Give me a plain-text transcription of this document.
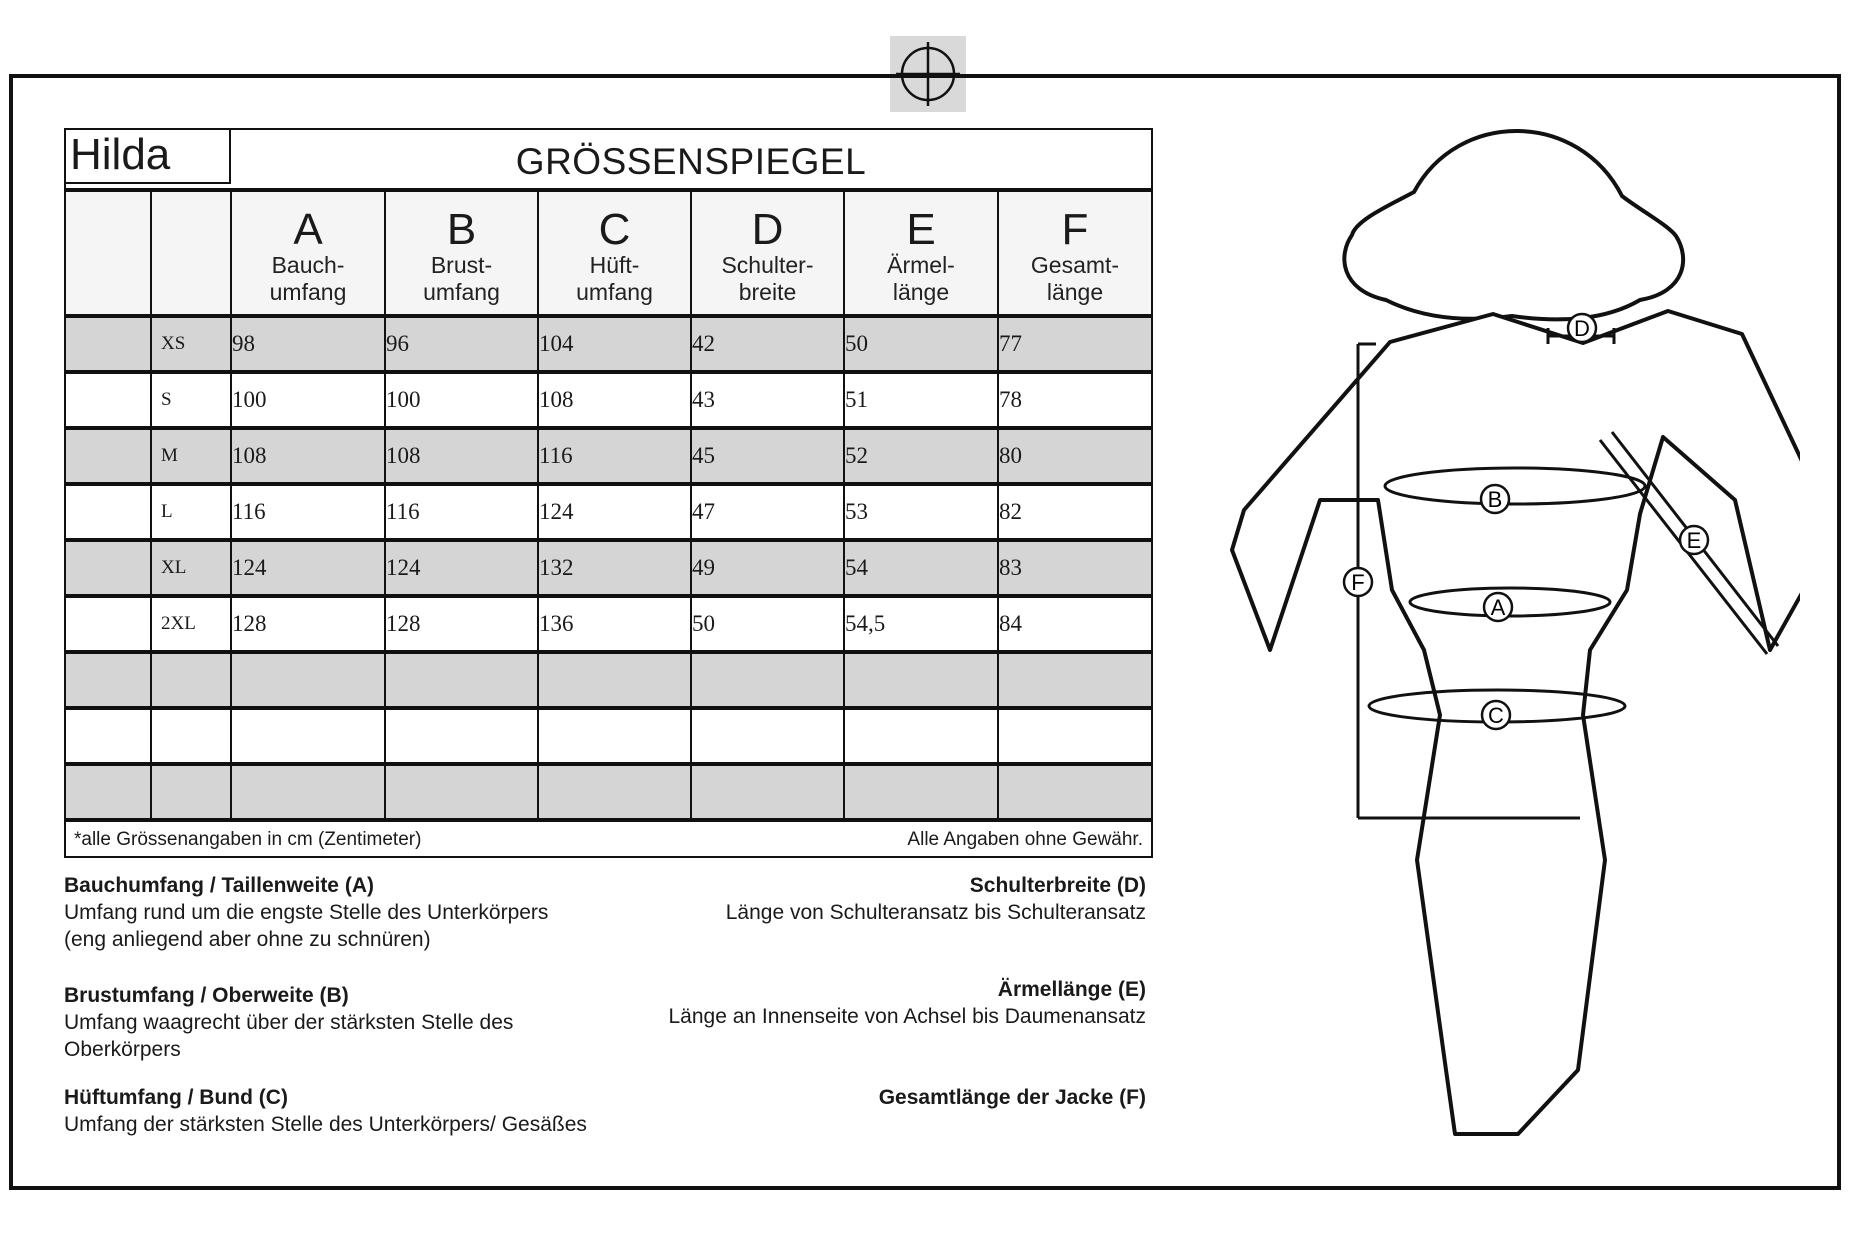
Hilda	GRÖSSENSPIEGEL

		A
Bauch-
umfang	B
Brust-
umfang	C
Hüft-
umfang	D
Schulter-
breite	E
Ärmel-
länge	F
Gesamt-
länge

	XS	98	96	104	42	50	77
	S	100	100	108	43	51	78
	M	108	108	116	45	52	80
	L	116	116	124	47	53	82
	XL	124	124	132	49	54	83
	2XL	128	128	136	50	54,5	84

*alle Grössenangaben in cm (Zentimeter)	Alle Angaben ohne Gewähr.
Bauchumfang / Taillenweite (A)
Umfang rund um die engste Stelle des Unterkörpers
(eng anliegend aber ohne zu schnüren)
Brustumfang / Oberweite (B)
Umfang waagrecht über der stärksten Stelle des
Oberkörpers
Hüftumfang / Bund (C)
Umfang der stärksten Stelle des Unterkörpers/ Gesäßes
Schulterbreite (D)
Länge von Schulteransatz bis Schulteransatz
Ärmellänge (E)
Länge an Innenseite von Achsel bis Daumenansatz
Gesamtlänge der Jacke (F)
B
A
C
D
E
F
